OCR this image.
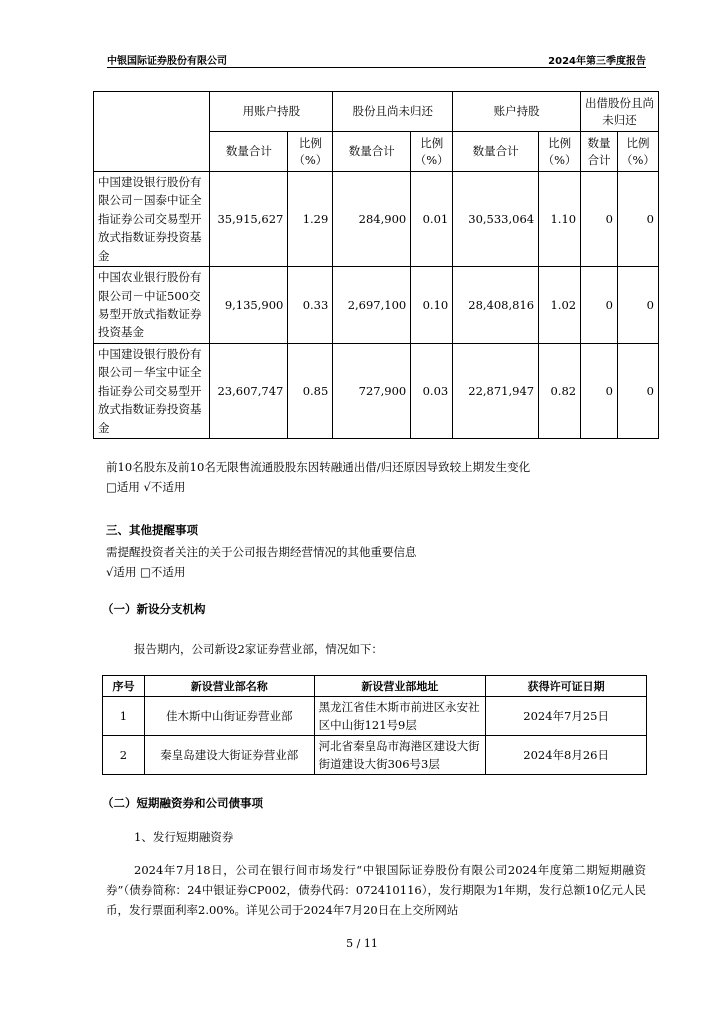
中银国际证券股份有限公司	2024年第三季度报告
	用账户持股		股份且尚未归还		账户持股		出借股份且尚未归还	
	数量合计	比例（%）	数量合计	比例（%）	数量合计	比例（%）	数量合计	比例（%）
中国建设银行股份有限公司－国泰中证全指证券公司交易型开放式指数证券投资基金	35,915,627	1.29	284,900	0.01	30,533,064	1.10	0	0
中国农业银行股份有限公司－中证500交易型开放式指数证券投资基金	9,135,900	0.33	2,697,100	0.10	28,408,816	1.02	0	0
中国建设银行股份有限公司－华宝中证全指证券公司交易型开放式指数证券投资基金	23,607,747	0.85	727,900	0.03	22,871,947	0.82	0	0
前10名股东及前10名无限售流通股股东因转融通出借/归还原因导致较上期发生变化
□适用 √不适用
三、其他提醒事项
需提醒投资者关注的关于公司报告期经营情况的其他重要信息
√适用 □不适用
（一）新设分支机构
报告期内，公司新设2家证券营业部，情况如下：
序号	新设营业部名称	新设营业部地址	获得许可证日期
1	佳木斯中山街证券营业部	黑龙江省佳木斯市前进区永安社区中山街121号9层	2024年7月25日
2	秦皇岛建设大街证券营业部	河北省秦皇岛市海港区建设大街街道建设大街306号3层	2024年8月26日
（二）短期融资券和公司债事项
1、发行短期融资券
2024年7月18日，公司在银行间市场发行“中银国际证券股份有限公司2024年度第二期短期融资券”（债券简称：24中银证券CP002，债券代码：072410116），发行期限为1年期，发行总额10亿元人民币，发行票面利率2.00%。详见公司于2024年7月20日在上交所网站
5 / 11
